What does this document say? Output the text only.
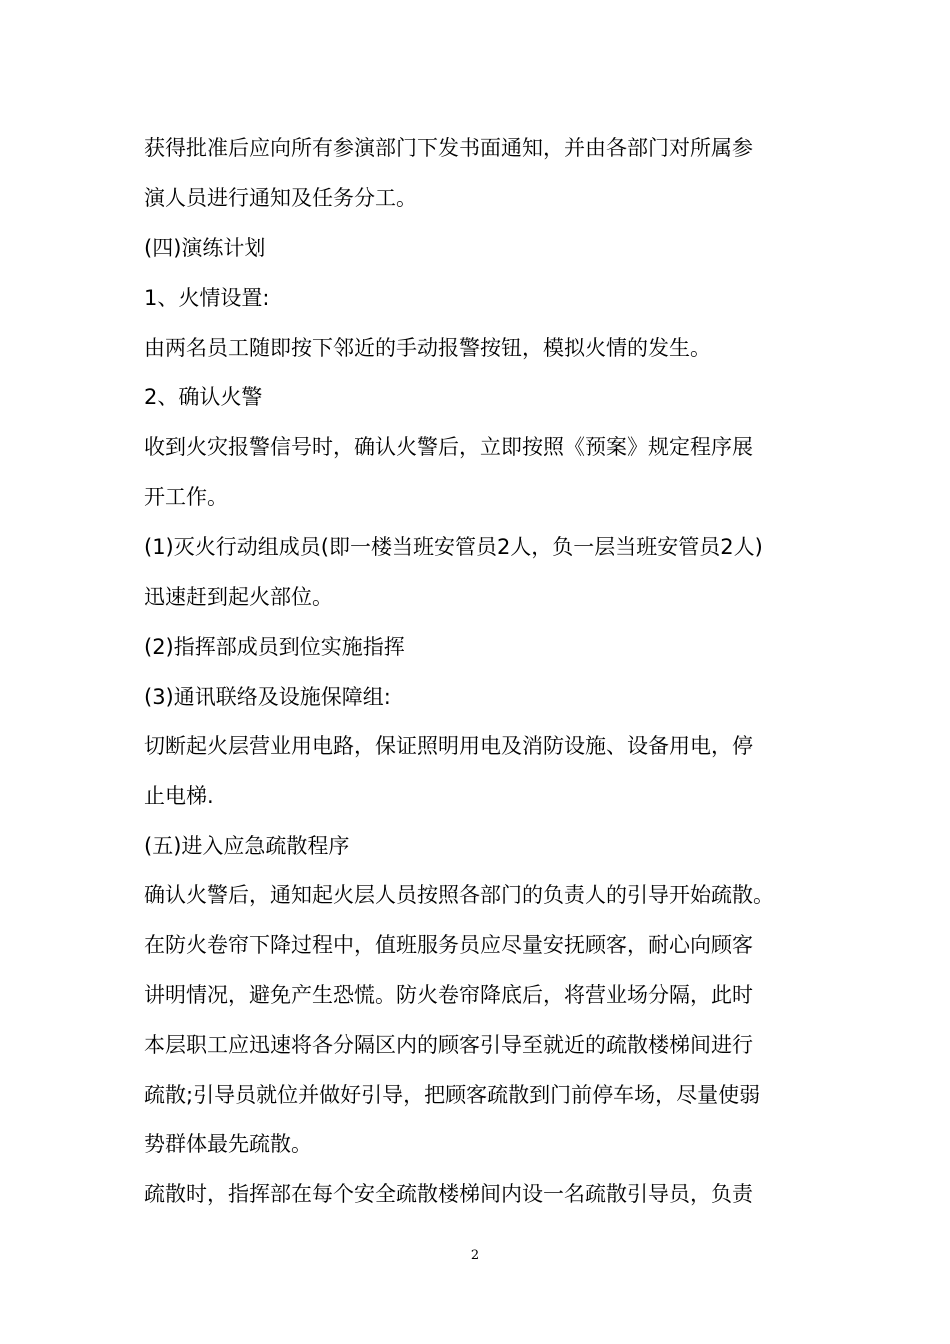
获得批准后应向所有参演部门下发书面通知，并由各部门对所属参
演人员进行通知及任务分工。
(四)演练计划
1、火情设置:
由两名员工随即按下邻近的手动报警按钮，模拟火情的发生。
2、确认火警
收到火灾报警信号时，确认火警后，立即按照《预案》规定程序展
开工作。
(1)灭火行动组成员(即一楼当班安管员2人，负一层当班安管员2人)
迅速赶到起火部位。
(2)指挥部成员到位实施指挥
(3)通讯联络及设施保障组:
切断起火层营业用电路，保证照明用电及消防设施、设备用电，停
止电梯.
(五)进入应急疏散程序
确认火警后，通知起火层人员按照各部门的负责人的引导开始疏散。
在防火卷帘下降过程中，值班服务员应尽量安抚顾客，耐心向顾客
讲明情况，避免产生恐慌。防火卷帘降底后，将营业场分隔，此时
本层职工应迅速将各分隔区内的顾客引导至就近的疏散楼梯间进行
疏散;引导员就位并做好引导，把顾客疏散到门前停车场，尽量使弱
势群体最先疏散。
疏散时，指挥部在每个安全疏散楼梯间内设一名疏散引导员，负责
2
